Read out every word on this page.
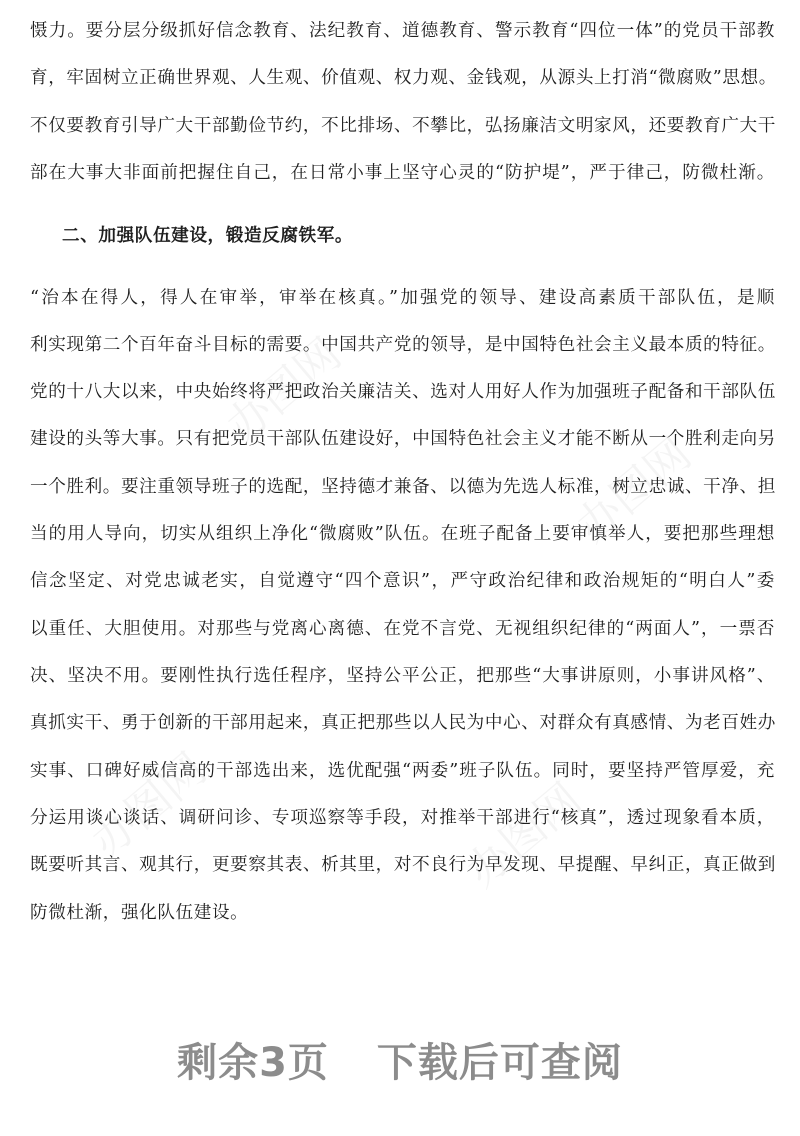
慑力。要分层分级抓好信念教育、法纪教育、道德教育、警示教育“四位一体”的党员干部教
育，牢固树立正确世界观、人生观、价值观、权力观、金钱观，从源头上打消“微腐败”思想。
不仅要教育引导广大干部勤俭节约，不比排场、不攀比，弘扬廉洁文明家风，还要教育广大干
部在大事大非面前把握住自己，在日常小事上坚守心灵的“防护堤”，严于律己，防微杜渐。
二、加强队伍建设，锻造反腐铁军。
“治本在得人，得人在审举，审举在核真。”加强党的领导、建设高素质干部队伍，是顺
利实现第二个百年奋斗目标的需要。中国共产党的领导，是中国特色社会主义最本质的特征。
党的十八大以来，中央始终将严把政治关廉洁关、选对人用好人作为加强班子配备和干部队伍
建设的头等大事。只有把党员干部队伍建设好，中国特色社会主义才能不断从一个胜利走向另
一个胜利。要注重领导班子的选配，坚持德才兼备、以德为先选人标准，树立忠诚、干净、担
当的用人导向，切实从组织上净化“微腐败”队伍。在班子配备上要审慎举人，要把那些理想
信念坚定、对党忠诚老实，自觉遵守“四个意识”，严守政治纪律和政治规矩的“明白人”委
以重任、大胆使用。对那些与党离心离德、在党不言党、无视组织纪律的“两面人”，一票否
决、坚决不用。要刚性执行选任程序，坚持公平公正，把那些“大事讲原则，小事讲风格”、
真抓实干、勇于创新的干部用起来，真正把那些以人民为中心、对群众有真感情、为老百姓办
实事、口碑好威信高的干部选出来，选优配强“两委”班子队伍。同时，要坚持严管厚爱，充
分运用谈心谈话、调研问诊、专项巡察等手段，对推举干部进行“核真”，透过现象看本质，
既要听其言、观其行，更要察其表、析其里，对不良行为早发现、早提醒、早纠正，真正做到
防微杜渐，强化队伍建设。
剩余3页 下载后可查阅
